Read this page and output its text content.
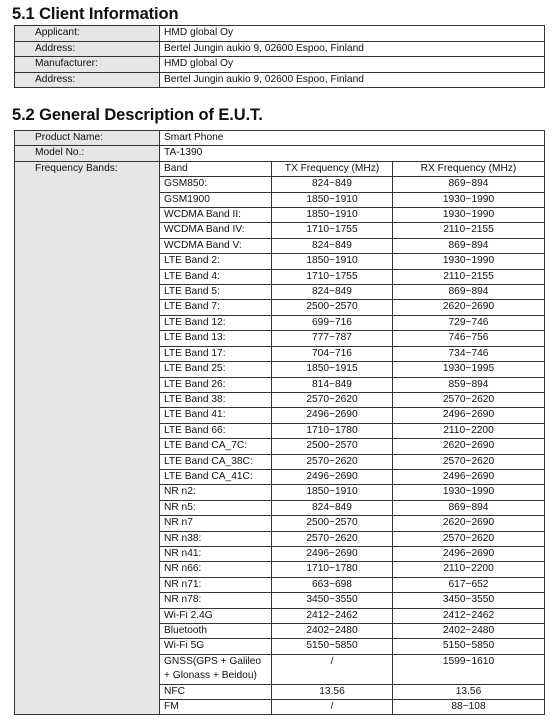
5.1 Client Information
Applicant:	HMD global Oy
Address:	Bertel Jungin aukio 9, 02600 Espoo, Finland
Manufacturer:	HMD global Oy
Address:	Bertel Jungin aukio 9, 02600 Espoo, Finland
5.2 General Description of E.U.T.
Product Name:	Smart Phone
Model No.:	TA-1390
Frequency Bands:		Band	TX Frequency (MHz)	RX Frequency (MHz)
GSM850:	824~849	869~894
GSM1900	1850~1910	1930~1990
WCDMA Band II:	1850~1910	1930~1990
WCDMA Band IV:	1710~1755	2110~2155
WCDMA Band V:	824~849	869~894
LTE Band 2:	1850~1910	1930~1990
LTE Band 4:	1710~1755	2110~2155
LTE Band 5:	824~849	869~894
LTE Band 7:	2500~2570	2620~2690
LTE Band 12:	699~716	729~746
LTE Band 13:	777~787	746~756
LTE Band 17:	704~716	734~746
LTE Band 25:	1850~1915	1930~1995
LTE Band 26:	814~849	859~894
LTE Band 38:	2570~2620	2570~2620
LTE Band 41:	2496~2690	2496~2690
LTE Band 66:	1710~1780	2110~2200
LTE Band CA_7C:	2500~2570	2620~2690
LTE Band CA_38C:	2570~2620	2570~2620
LTE Band CA_41C:	2496~2690	2496~2690
NR n2:	1850~1910	1930~1990
NR n5:	824~849	869~894
NR n7	2500~2570	2620~2690
NR n38:	2570~2620	2570~2620
NR n41:	2496~2690	2496~2690
NR n66:	1710~1780	2110~2200
NR n71:	663~698	617~652
NR n78:	3450~3550	3450~3550
Wi-Fi 2.4G	2412~2462	2412~2462
Bluetooth	2402~2480	2402~2480
Wi-Fi 5G	5150~5850	5150~5850
GNSS(GPS + Galileo + Glonass + Beidou)	/	1599~1610
NFC	13.56	13.56
FM	/	88~108
